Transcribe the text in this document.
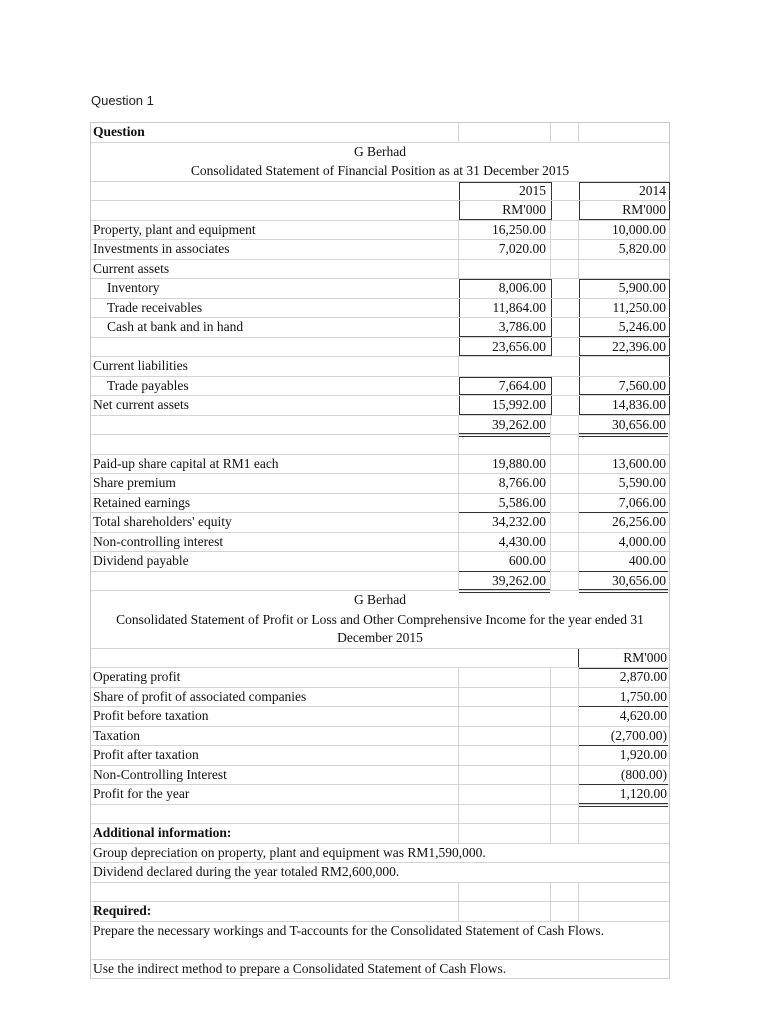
Question 1
Question
G Berhad
Consolidated Statement of Financial Position as at 31 December 2015
2015	2014
RM'000	RM'000
Property, plant and equipment	16,250.00	10,000.00
Investments in associates	7,020.00	5,820.00
Current assets
Inventory	8,006.00	5,900.00
Trade receivables	11,864.00	11,250.00
Cash at bank and in hand	3,786.00	5,246.00
23,656.00	22,396.00
Current liabilities
Trade payables	7,664.00	7,560.00
Net current assets	15,992.00	14,836.00
39,262.00	30,656.00
Paid-up share capital at RM1 each	19,880.00	13,600.00
Share premium	8,766.00	5,590.00
Retained earnings	5,586.00	7,066.00
Total shareholders' equity	34,232.00	26,256.00
Non-controlling interest	4,430.00	4,000.00
Dividend payable	600.00	400.00
39,262.00	30,656.00
G Berhad
Consolidated Statement of Profit or Loss and Other Comprehensive Income for the year ended 31 December 2015
RM'000
Operating profit	2,870.00
Share of profit of associated companies	1,750.00
Profit before taxation	4,620.00
Taxation	(2,700.00)
Profit after taxation	1,920.00
Non-Controlling Interest	(800.00)
Profit for the year	1,120.00
Additional information:
Group depreciation on property, plant and equipment was RM1,590,000.
Dividend declared during the year totaled RM2,600,000.
Required:
Prepare the necessary workings and T-accounts for the Consolidated Statement of Cash Flows.
Use the indirect method to prepare a Consolidated Statement of Cash Flows.
